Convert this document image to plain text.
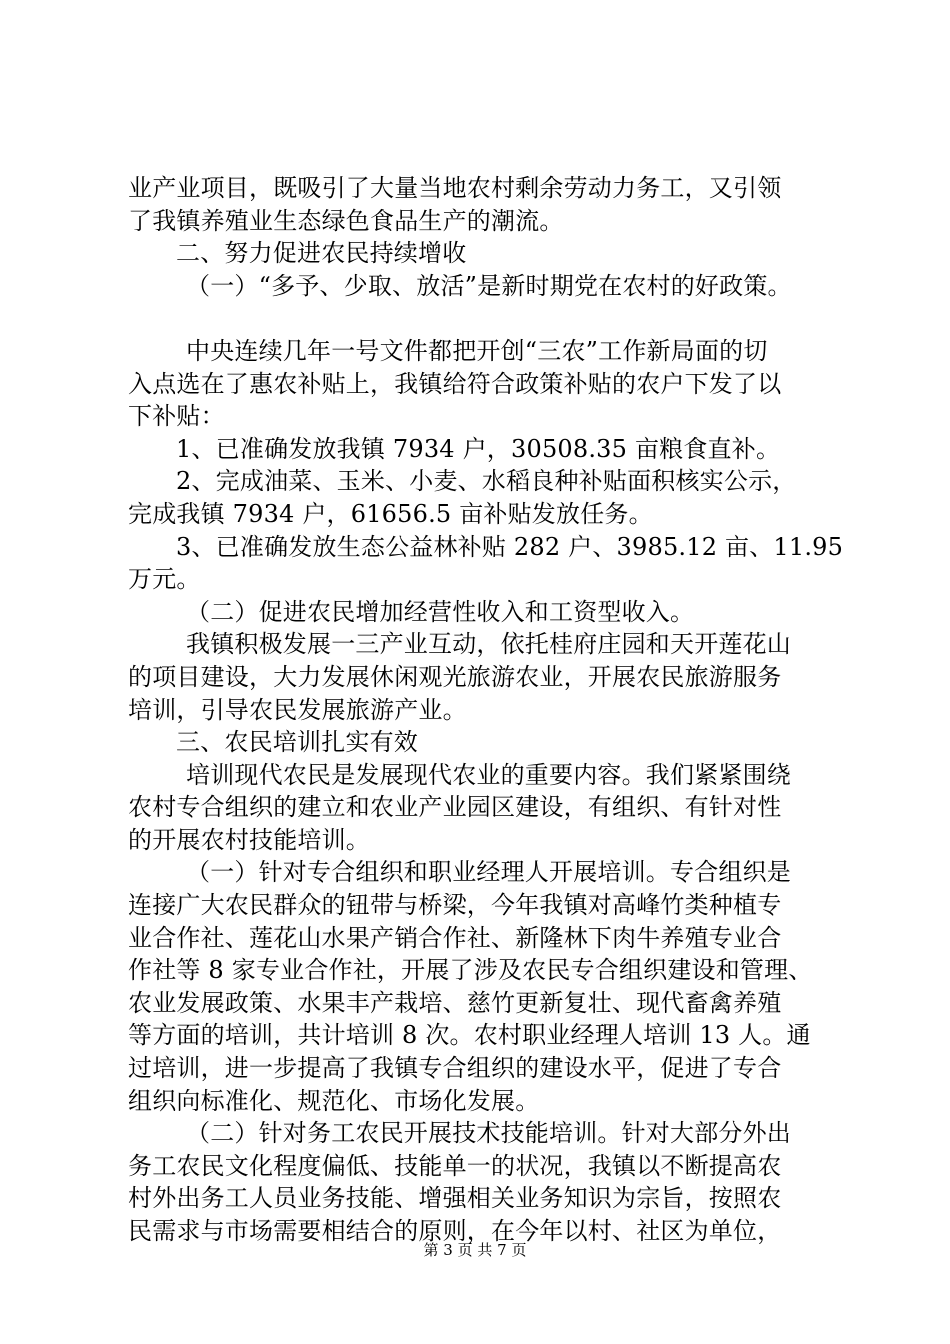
业产业项目，既吸引了大量当地农村剩余劳动力务工，又引领
了我镇养殖业生态绿色食品生产的潮流。
二、努力促进农民持续增收
（一）“多予、少取、放活”是新时期党在农村的好政策。
中央连续几年一号文件都把开创“三农”工作新局面的切
入点选在了惠农补贴上，我镇给符合政策补贴的农户下发了以
下补贴：
1、已准确发放我镇 7934 户，30508.35 亩粮食直补。
2、完成油菜、玉米、小麦、水稻良种补贴面积核实公示，
完成我镇 7934 户，61656.5 亩补贴发放任务。
3、已准确发放生态公益林补贴 282 户、3985.12 亩、11.95
万元。
（二）促进农民增加经营性收入和工资型收入。
我镇积极发展一三产业互动，依托桂府庄园和天开莲花山
的项目建设，大力发展休闲观光旅游农业，开展农民旅游服务
培训，引导农民发展旅游产业。
三、农民培训扎实有效
培训现代农民是发展现代农业的重要内容。我们紧紧围绕
农村专合组织的建立和农业产业园区建设，有组织、有针对性
的开展农村技能培训。
（一）针对专合组织和职业经理人开展培训。专合组织是
连接广大农民群众的钮带与桥梁，今年我镇对高峰竹类种植专
业合作社、莲花山水果产销合作社、新隆林下肉牛养殖专业合
作社等 8 家专业合作社，开展了涉及农民专合组织建设和管理、
农业发展政策、水果丰产栽培、慈竹更新复壮、现代畜禽养殖
等方面的培训，共计培训 8 次。农村职业经理人培训 13 人。通
过培训，进一步提高了我镇专合组织的建设水平，促进了专合
组织向标准化、规范化、市场化发展。
（二）针对务工农民开展技术技能培训。针对大部分外出
务工农民文化程度偏低、技能单一的状况，我镇以不断提高农
村外出务工人员业务技能、增强相关业务知识为宗旨，按照农
民需求与市场需要相结合的原则，在今年以村、社区为单位，
第 3 页 共 7 页
